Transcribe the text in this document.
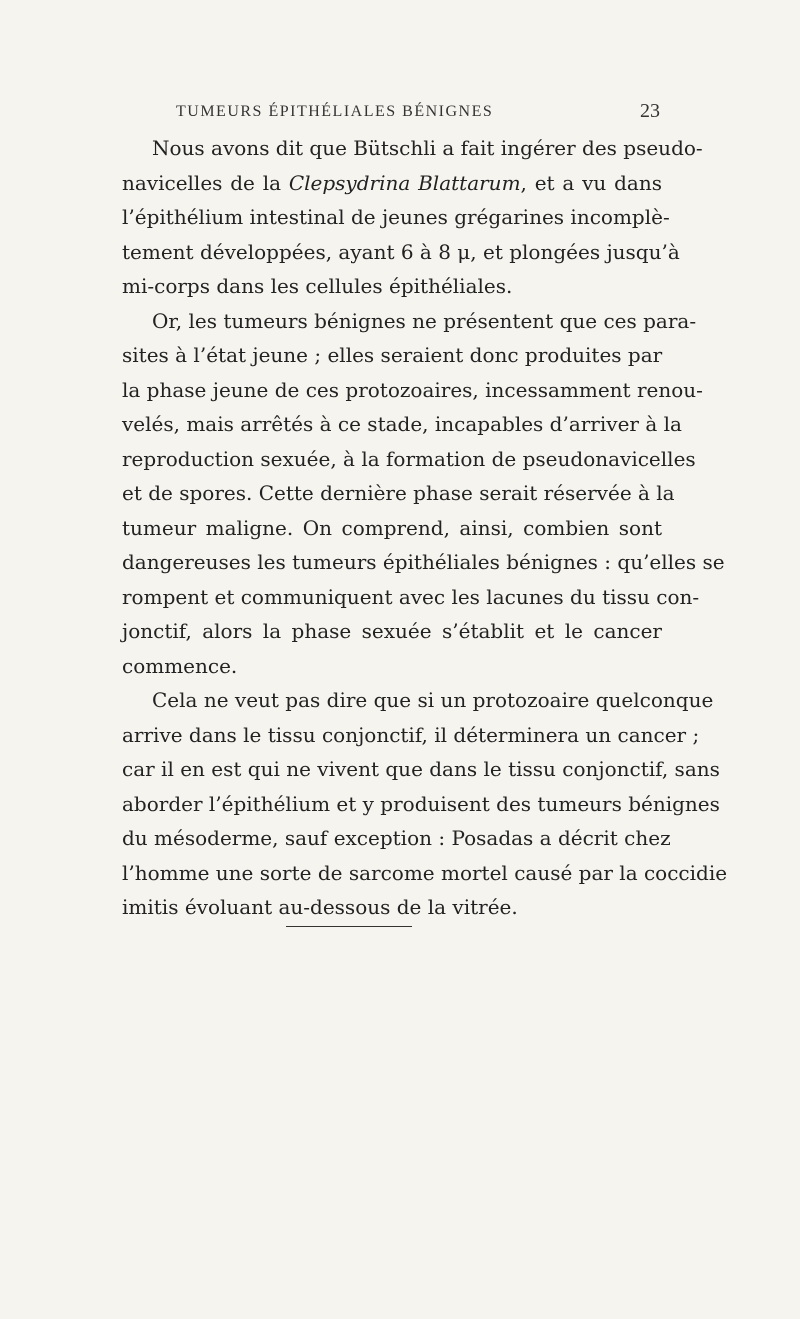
TUMEURS ÉPITHÉLIALES BÉNIGNES	23
Nous avons dit que Bütschli a fait ingérer des pseudo-
navicelles de la Clepsydrina Blattarum, et a vu dans
l’épithélium intestinal de jeunes grégarines incomplè-
tement développées, ayant 6 à 8 μ, et plongées jusqu’à
mi-corps dans les cellules épithéliales.
Or, les tumeurs bénignes ne présentent que ces para-
sites à l’état jeune ; elles seraient donc produites par
la phase jeune de ces protozoaires, incessamment renou-
velés, mais arrêtés à ce stade, incapables d’arriver à la
reproduction sexuée, à la formation de pseudonavicelles
et de spores. Cette dernière phase serait réservée à la
tumeur maligne. On comprend, ainsi, combien sont
dangereuses les tumeurs épithéliales bénignes : qu’elles se
rompent et communiquent avec les lacunes du tissu con-
jonctif, alors la phase sexuée s’établit et le cancer
commence.
Cela ne veut pas dire que si un protozoaire quelconque
arrive dans le tissu conjonctif, il déterminera un cancer ;
car il en est qui ne vivent que dans le tissu conjonctif, sans
aborder l’épithélium et y produisent des tumeurs bénignes
du mésoderme, sauf exception : Posadas a décrit chez
l’homme une sorte de sarcome mortel causé par la coccidie
imitis évoluant au-dessous de la vitrée.
